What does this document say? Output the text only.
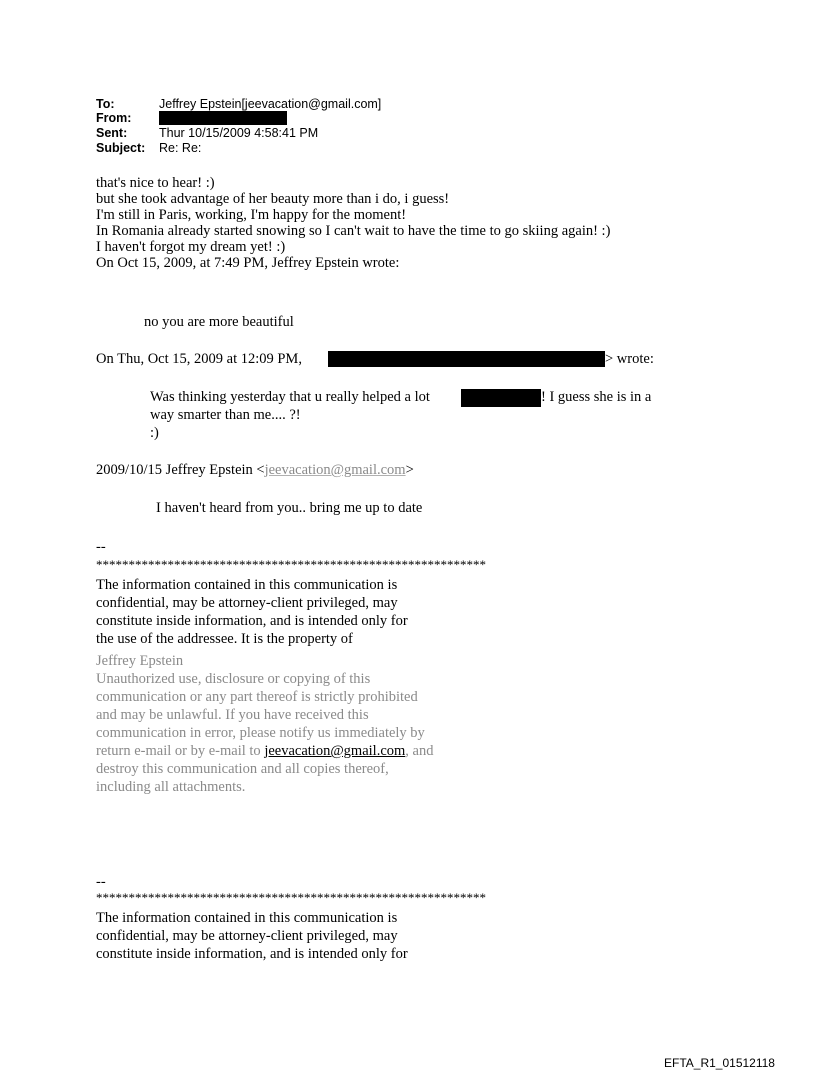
To:	Jeffrey Epstein[jeevacation@gmail.com]
From:
Sent:	Thur 10/15/2009 4:58:41 PM
Subject: Re: Re:
that's nice to hear! :)
but she took advantage of her beauty more than i do, i guess!
I'm still in Paris, working, I'm happy for the moment!
In Romania already started snowing so I can't wait to have the time to go skiing again! :)
I haven't forgot my dream yet! :)
On Oct 15, 2009, at 7:49 PM, Jeffrey Epstein wrote:
no you are more beautiful
On Thu, Oct 15, 2009 at 12:09 PM,	> wrote:
Was thinking yesterday that u really helped a lot	! I guess she is in a
way smarter than me.... ?!
:)
2009/10/15 Jeffrey Epstein <jeevacation@gmail.com>
I haven't heard from you.. bring me up to date
--
************************************************************
The information contained in this communication is
confidential, may be attorney-client privileged, may
constitute inside information, and is intended only for
the use of the addressee. It is the property of
Jeffrey Epstein
Unauthorized use, disclosure or copying of this
communication or any part thereof is strictly prohibited
and may be unlawful. If you have received this
communication in error, please notify us immediately by
return e-mail or by e-mail to jeevacation@gmail.com, and
destroy this communication and all copies thereof,
including all attachments.
--
************************************************************
The information contained in this communication is
confidential, may be attorney-client privileged, may
constitute inside information, and is intended only for
EFTA_R1_01512118
